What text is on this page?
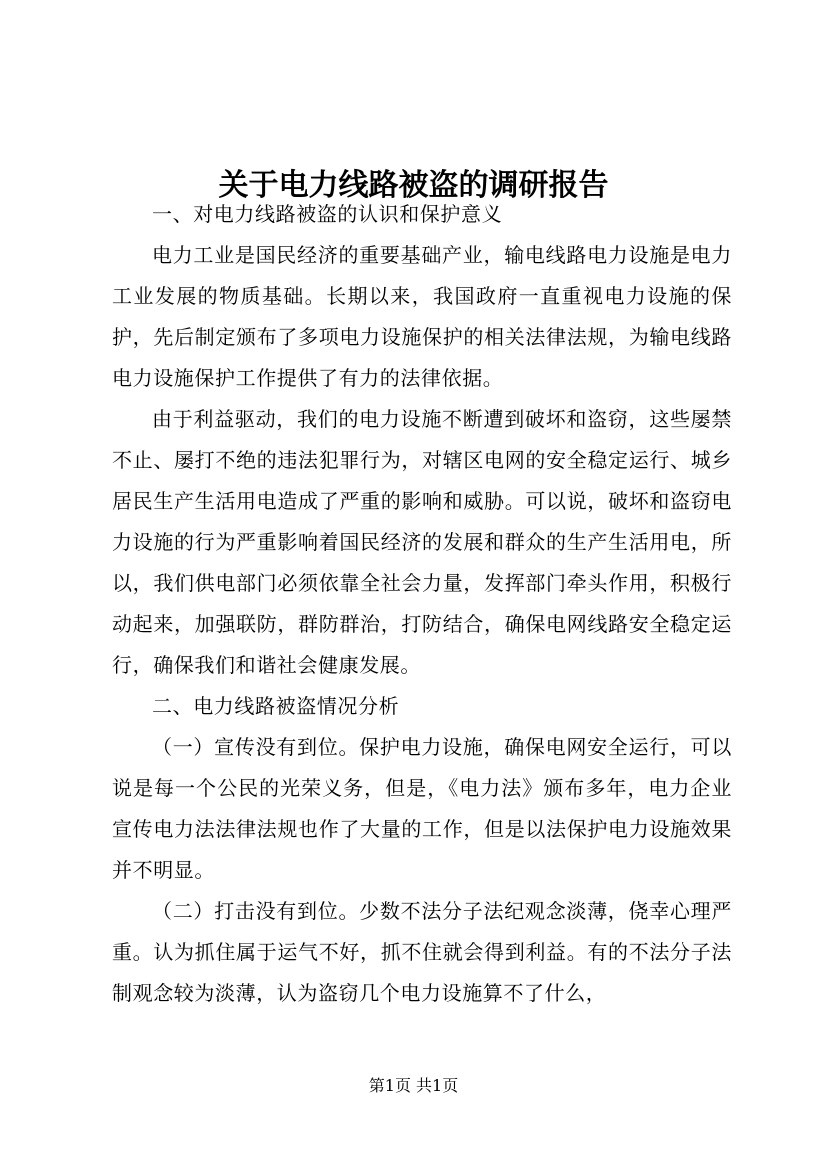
关于电力线路被盗的调研报告

一、对电力线路被盗的认识和保护意义

电力工业是国民经济的重要基础产业，输电线路电力设施是电力工业发展的物质基础。长期以来，我国政府一直重视电力设施的保护，先后制定颁布了多项电力设施保护的相关法律法规，为输电线路电力设施保护工作提供了有力的法律依据。

由于利益驱动，我们的电力设施不断遭到破坏和盗窃，这些屡禁不止、屡打不绝的违法犯罪行为，对辖区电网的安全稳定运行、城乡居民生产生活用电造成了严重的影响和威胁。可以说，破坏和盗窃电力设施的行为严重影响着国民经济的发展和群众的生产生活用电，所以，我们供电部门必须依靠全社会力量，发挥部门牵头作用，积极行动起来，加强联防，群防群治，打防结合，确保电网线路安全稳定运行，确保我们和谐社会健康发展。

二、电力线路被盗情况分析

（一）宣传没有到位。保护电力设施，确保电网安全运行，可以说是每一个公民的光荣义务，但是，《电力法》颁布多年，电力企业宣传电力法法律法规也作了大量的工作，但是以法保护电力设施效果并不明显。

（二）打击没有到位。少数不法分子法纪观念淡薄，侥幸心理严重。认为抓住属于运气不好，抓不住就会得到利益。有的不法分子法制观念较为淡薄，认为盗窃几个电力设施算不了什么，

第1页 共1页
